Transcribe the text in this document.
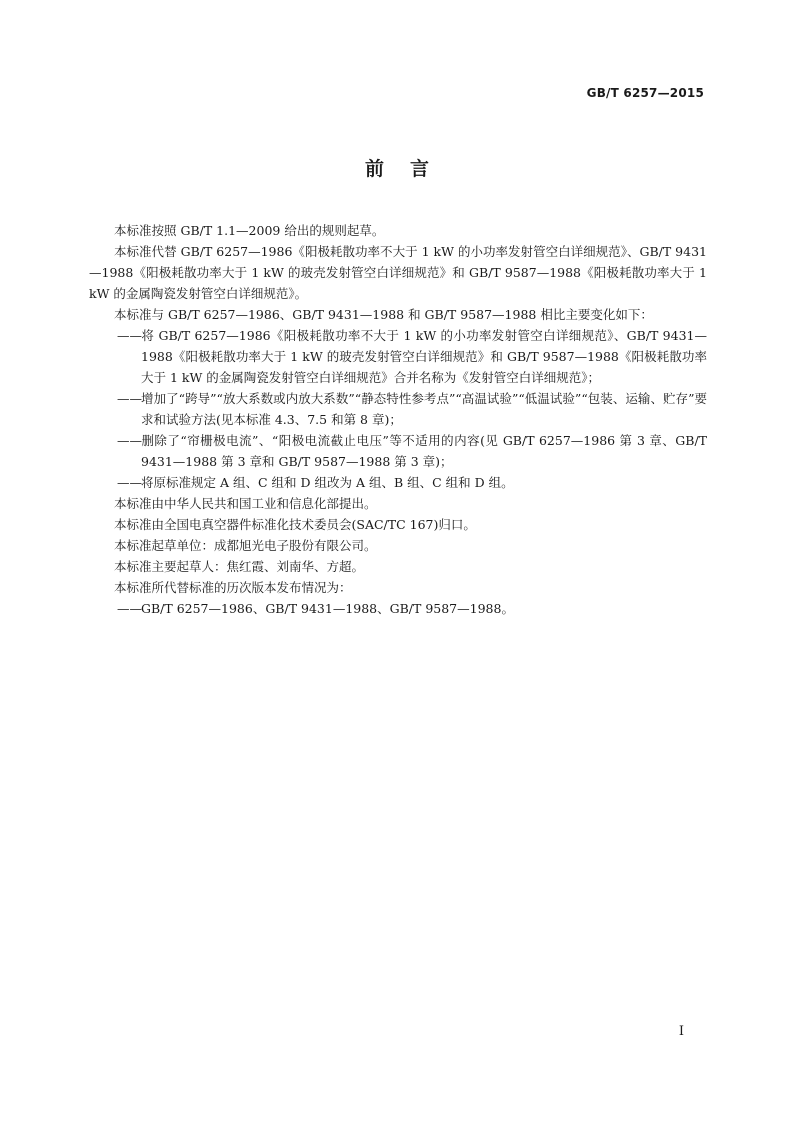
GB/T 6257—2015
前言

本标准按照 GB/T 1.1—2009 给出的规则起草。

本标准代替 GB/T 6257—1986《阳极耗散功率不大于 1 kW 的小功率发射管空白详细规范》、GB/T 9431—1988《阳极耗散功率大于 1 kW 的玻壳发射管空白详细规范》和 GB/T 9587—1988《阳极耗散功率大于 1 kW 的金属陶瓷发射管空白详细规范》。

本标准与 GB/T 6257—1986、GB/T 9431—1988 和 GB/T 9587—1988 相比主要变化如下：

——将 GB/T 6257—1986《阳极耗散功率不大于 1 kW 的小功率发射管空白详细规范》、GB/T 9431—1988《阳极耗散功率大于 1 kW 的玻壳发射管空白详细规范》和 GB/T 9587—1988《阳极耗散功率大于 1 kW 的金属陶瓷发射管空白详细规范》合并名称为《发射管空白详细规范》；
——增加了“跨导”“放大系数或内放大系数”“静态特性参考点”“高温试验”“低温试验”“包装、运输、贮存”要求和试验方法(见本标准 4.3、7.5 和第 8 章)；
——删除了“帘栅极电流”、“阳极电流截止电压”等不适用的内容(见 GB/T 6257—1986 第 3 章、GB/T 9431—1988 第 3 章和 GB/T 9587—1988 第 3 章)；
——将原标准规定 A 组、C 组和 D 组改为 A 组、B 组、C 组和 D 组。

本标准由中华人民共和国工业和信息化部提出。

本标准由全国电真空器件标准化技术委员会(SAC/TC 167)归口。

本标准起草单位：成都旭光电子股份有限公司。

本标准主要起草人：焦红霞、刘南华、方超。

本标准所代替标准的历次版本发布情况为：

——GB/T 6257—1986、GB/T 9431—1988、GB/T 9587—1988。
I
